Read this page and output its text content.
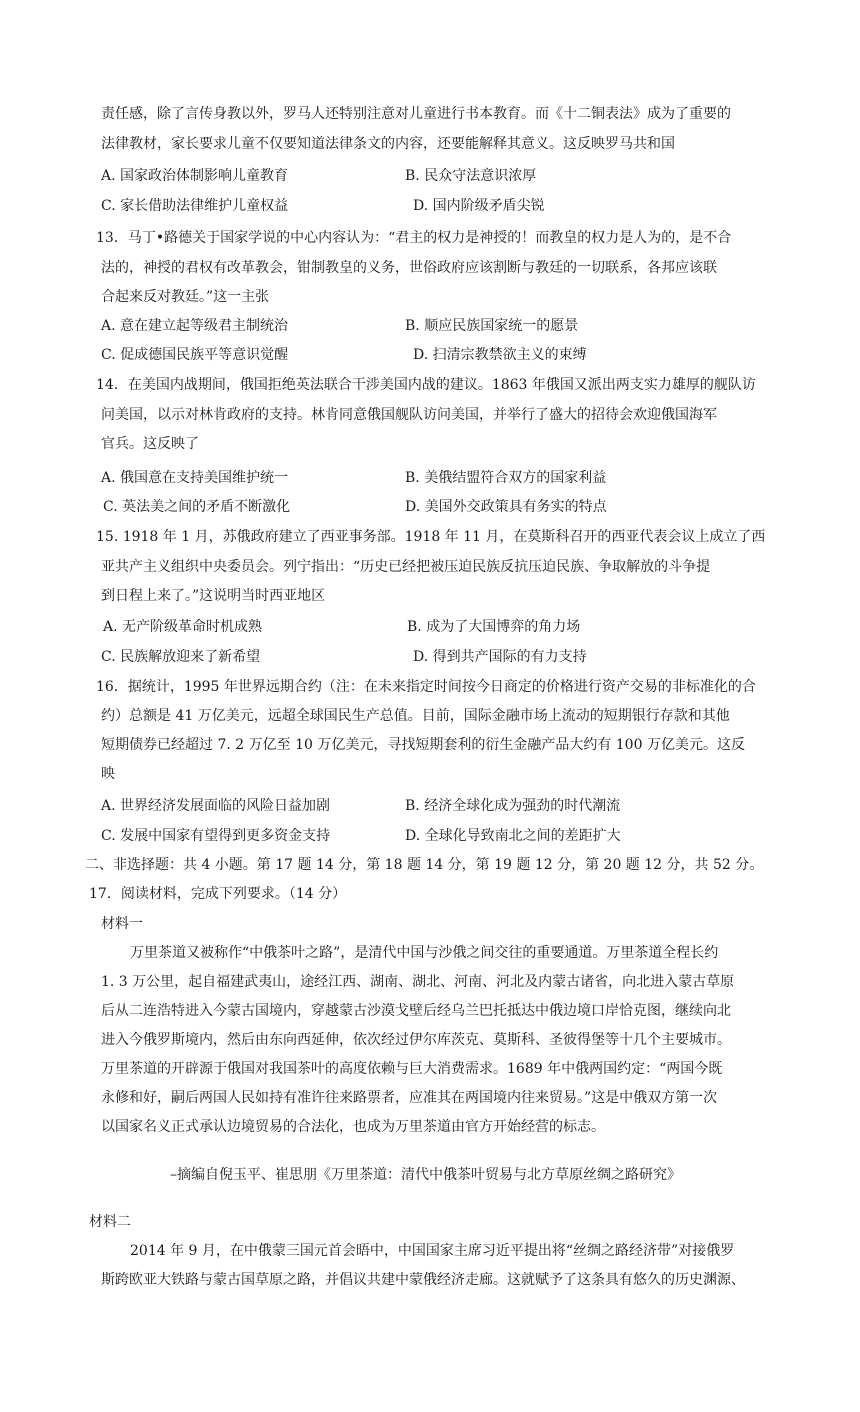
责任感，除了言传身教以外，罗马人还特别注意对儿童进行书本教育。而《十二铜表法》成为了重要的
法律教材，家长要求儿童不仅要知道法律条文的内容，还要能解释其意义。这反映罗马共和国
A. 国家政治体制影响儿童教育	B. 民众守法意识浓厚
C. 家长借助法律维护儿童权益	D. 国内阶级矛盾尖锐
13．马丁•路德关于国家学说的中心内容认为：“君主的权力是神授的！而教皇的权力是人为的，是不合
法的，神授的君权有改革教会，钳制教皇的义务，世俗政府应该割断与教廷的一切联系，各邦应该联
合起来反对教廷。”这一主张
A. 意在建立起等级君主制统治	B. 顺应民族国家统一的愿景
C. 促成德国民族平等意识觉醒	D. 扫清宗教禁欲主义的束缚
14．在美国内战期间，俄国拒绝英法联合干涉美国内战的建议。1863 年俄国又派出两支实力雄厚的舰队访
问美国，以示对林肯政府的支持。林肯同意俄国舰队访问美国，并举行了盛大的招待会欢迎俄国海军
官兵。这反映了
A. 俄国意在支持美国维护统一	B. 美俄结盟符合双方的国家利益
C. 英法美之间的矛盾不断激化	D. 美国外交政策具有务实的特点
15. 1918 年 1 月，苏俄政府建立了西亚事务部。1918 年 11 月，在莫斯科召开的西亚代表会议上成立了西
亚共产主义组织中央委员会。列宁指出：“历史已经把被压迫民族反抗压迫民族、争取解放的斗争提
到日程上来了。”这说明当时西亚地区
A. 无产阶级革命时机成熟	B. 成为了大国博弈的角力场
C. 民族解放迎来了新希望	D. 得到共产国际的有力支持
16．据统计，1995 年世界远期合约（注：在未来指定时间按今日商定的价格进行资产交易的非标准化的合
约）总额是 41 万亿美元，远超全球国民生产总值。目前，国际金融市场上流动的短期银行存款和其他
短期债券已经超过 7. 2 万亿至 10 万亿美元，寻找短期套利的衍生金融产品大约有 100 万亿美元。这反
映
A. 世界经济发展面临的风险日益加剧	B. 经济全球化成为强劲的时代潮流
C. 发展中国家有望得到更多资金支持	D. 全球化导致南北之间的差距扩大
二、非选择题：共 4 小题。第 17 题 14 分，第 18 题 14 分，第 19 题 12 分，第 20 题 12 分，共 52 分。
17．阅读材料，完成下列要求。（14 分）
材料一
万里茶道又被称作“中俄茶叶之路”，是清代中国与沙俄之间交往的重要通道。万里茶道全程长约
1. 3 万公里，起自福建武夷山，途经江西、湖南、湖北、河南、河北及内蒙古诸省，向北进入蒙古草原
后从二连浩特进入今蒙古国境内，穿越蒙古沙漠戈壁后经乌兰巴托抵达中俄边境口岸恰克图，继续向北
进入今俄罗斯境内，然后由东向西延伸，依次经过伊尔库茨克、莫斯科、圣彼得堡等十几个主要城市。
万里茶道的开辟源于俄国对我国茶叶的高度依赖与巨大消费需求。1689 年中俄两国约定：“两国今既
永修和好，嗣后两国人民如持有准许往来路票者，应准其在两国境内往来贸易。”这是中俄双方第一次
以国家名义正式承认边境贸易的合法化，也成为万里茶道由官方开始经营的标志。
–摘编自倪玉平、崔思朋《万里茶道：清代中俄茶叶贸易与北方草原丝绸之路研究》
材料二
2014 年 9 月，在中俄蒙三国元首会晤中，中国国家主席习近平提出将“丝绸之路经济带”对接俄罗
斯跨欧亚大铁路与蒙古国草原之路，并倡议共建中蒙俄经济走廊。这就赋予了这条具有悠久的历史渊源、
